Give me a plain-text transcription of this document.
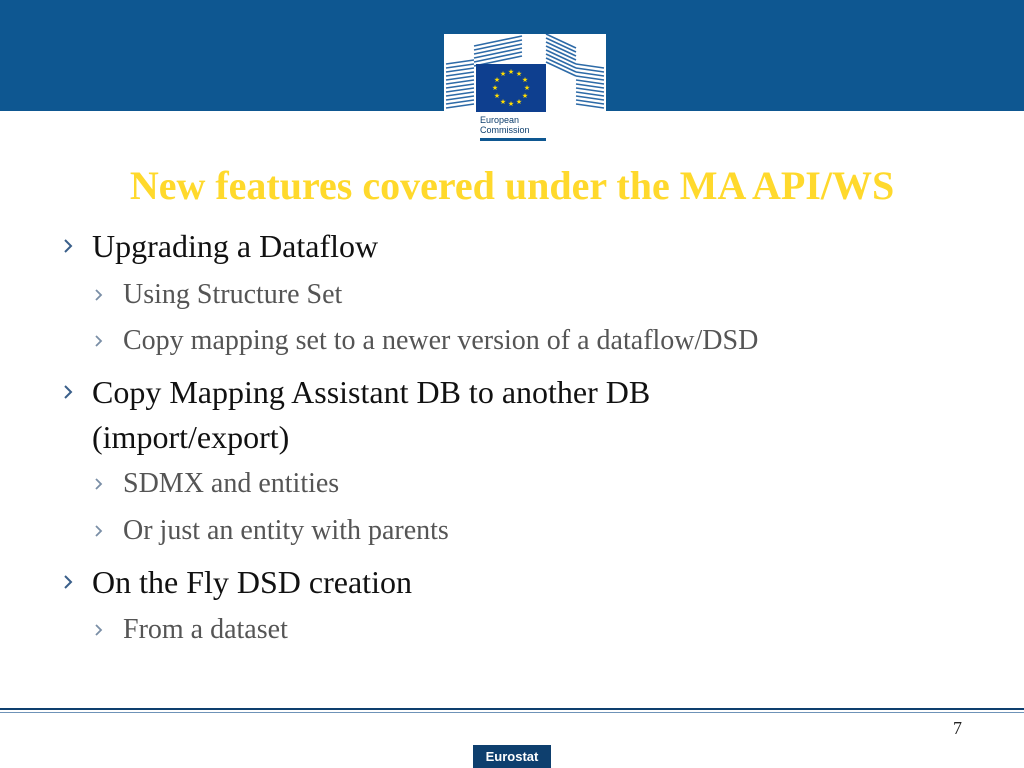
★ ★
★
★
★
★
★
★
★
★
★
★
European
Commission
New features covered under the MA API/WS
Upgrading a Dataflow
Using Structure Set
Copy mapping set to a newer version of a dataflow/DSD
Copy Mapping Assistant DB to another DB
(import/export)
SDMX and entities
Or just an entity with parents
On the Fly DSD creation
From a dataset
7
Eurostat
